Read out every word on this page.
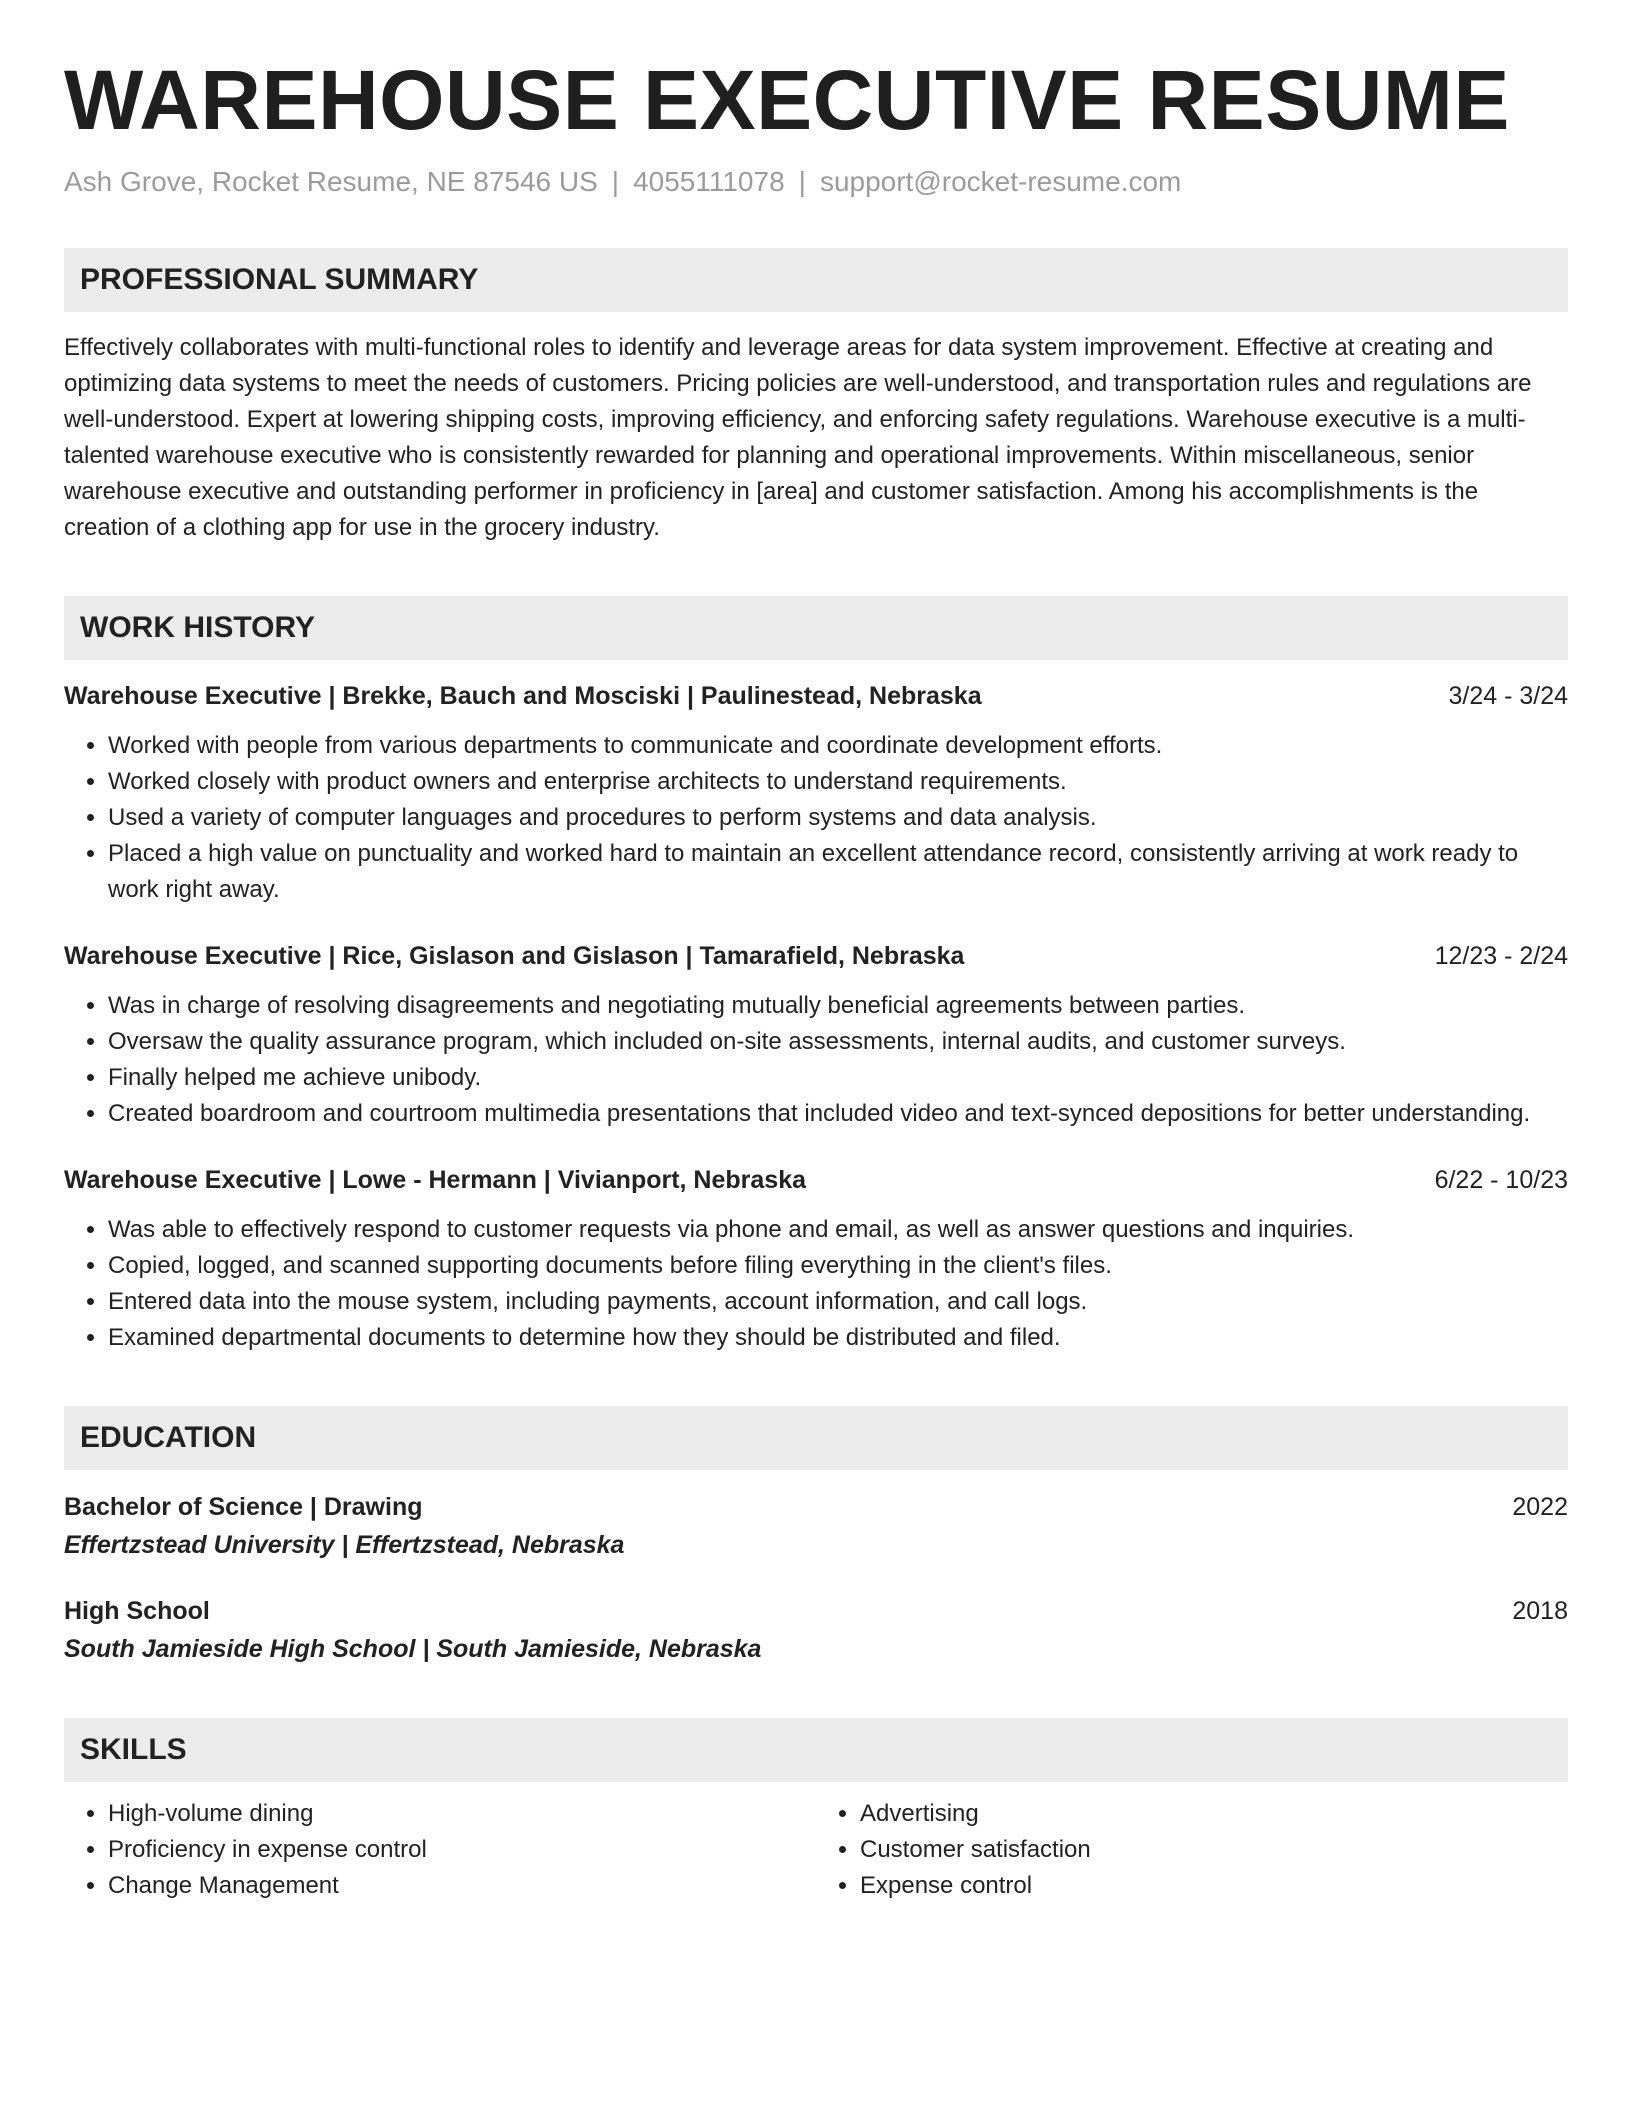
WAREHOUSE EXECUTIVE RESUME
Ash Grove, Rocket Resume, NE 87546 US | 4055111078 | support@rocket-resume.com
PROFESSIONAL SUMMARY
Effectively collaborates with multi-functional roles to identify and leverage areas for data system improvement. Effective at creating and optimizing data systems to meet the needs of customers. Pricing policies are well-understood, and transportation rules and regulations are well-understood. Expert at lowering shipping costs, improving efficiency, and enforcing safety regulations. Warehouse executive is a multi-talented warehouse executive who is consistently rewarded for planning and operational improvements. Within miscellaneous, senior warehouse executive and outstanding performer in proficiency in [area] and customer satisfaction. Among his accomplishments is the creation of a clothing app for use in the grocery industry.
WORK HISTORY
Warehouse Executive | Brekke, Bauch and Mosciski | Paulinestead, Nebraska	3/24 - 3/24
• Worked with people from various departments to communicate and coordinate development efforts.
• Worked closely with product owners and enterprise architects to understand requirements.
• Used a variety of computer languages and procedures to perform systems and data analysis.
• Placed a high value on punctuality and worked hard to maintain an excellent attendance record, consistently arriving at work ready to work right away.
Warehouse Executive | Rice, Gislason and Gislason | Tamarafield, Nebraska	12/23 - 2/24
• Was in charge of resolving disagreements and negotiating mutually beneficial agreements between parties.
• Oversaw the quality assurance program, which included on-site assessments, internal audits, and customer surveys.
• Finally helped me achieve unibody.
• Created boardroom and courtroom multimedia presentations that included video and text-synced depositions for better understanding.
Warehouse Executive | Lowe - Hermann | Vivianport, Nebraska	6/22 - 10/23
• Was able to effectively respond to customer requests via phone and email, as well as answer questions and inquiries.
• Copied, logged, and scanned supporting documents before filing everything in the client's files.
• Entered data into the mouse system, including payments, account information, and call logs.
• Examined departmental documents to determine how they should be distributed and filed.
EDUCATION
Bachelor of Science | Drawing	2022
Effertzstead University | Effertzstead, Nebraska
High School	2018
South Jamieside High School | South Jamieside, Nebraska
SKILLS
• High-volume dining
• Proficiency in expense control
• Change Management
• Advertising
• Customer satisfaction
• Expense control
